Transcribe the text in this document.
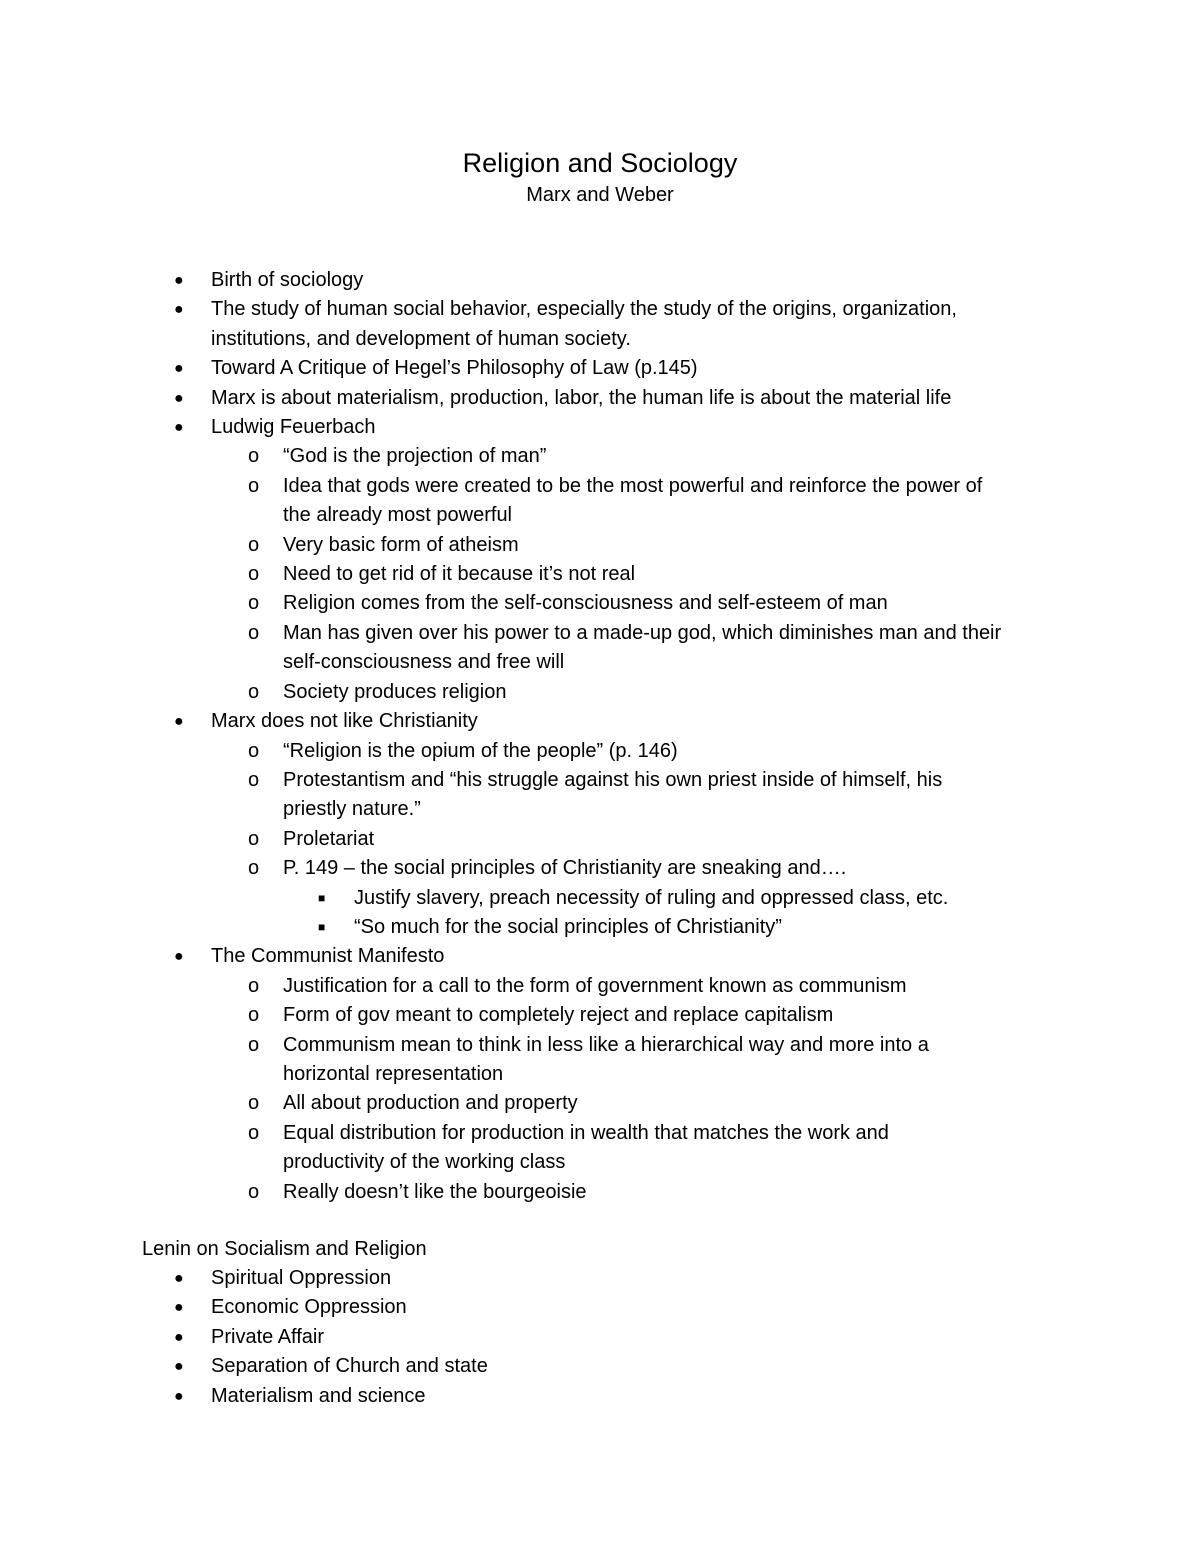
Religion and Sociology
Marx and Weber
● Birth of sociology
● The study of human social behavior, especially the study of the origins, organization,
institutions, and development of human society.
● Toward A Critique of Hegel’s Philosophy of Law (p.145)
● Marx is about materialism, production, labor, the human life is about the material life
● Ludwig Feuerbach
o “God is the projection of man”
o Idea that gods were created to be the most powerful and reinforce the power of
the already most powerful
o Very basic form of atheism
o Need to get rid of it because it’s not real
o Religion comes from the self-consciousness and self-esteem of man
o Man has given over his power to a made-up god, which diminishes man and their
self-consciousness and free will
o Society produces religion
● Marx does not like Christianity
o “Religion is the opium of the people” (p. 146)
o Protestantism and “his struggle against his own priest inside of himself, his
priestly nature.”
o Proletariat
o P. 149 – the social principles of Christianity are sneaking and….
■ Justify slavery, preach necessity of ruling and oppressed class, etc.
■ “So much for the social principles of Christianity”
● The Communist Manifesto
o Justification for a call to the form of government known as communism
o Form of gov meant to completely reject and replace capitalism
o Communism mean to think in less like a hierarchical way and more into a
horizontal representation
o All about production and property
o Equal distribution for production in wealth that matches the work and
productivity of the working class
o Really doesn’t like the bourgeoisie
Lenin on Socialism and Religion
● Spiritual Oppression
● Economic Oppression
● Private Affair
● Separation of Church and state
● Materialism and science
